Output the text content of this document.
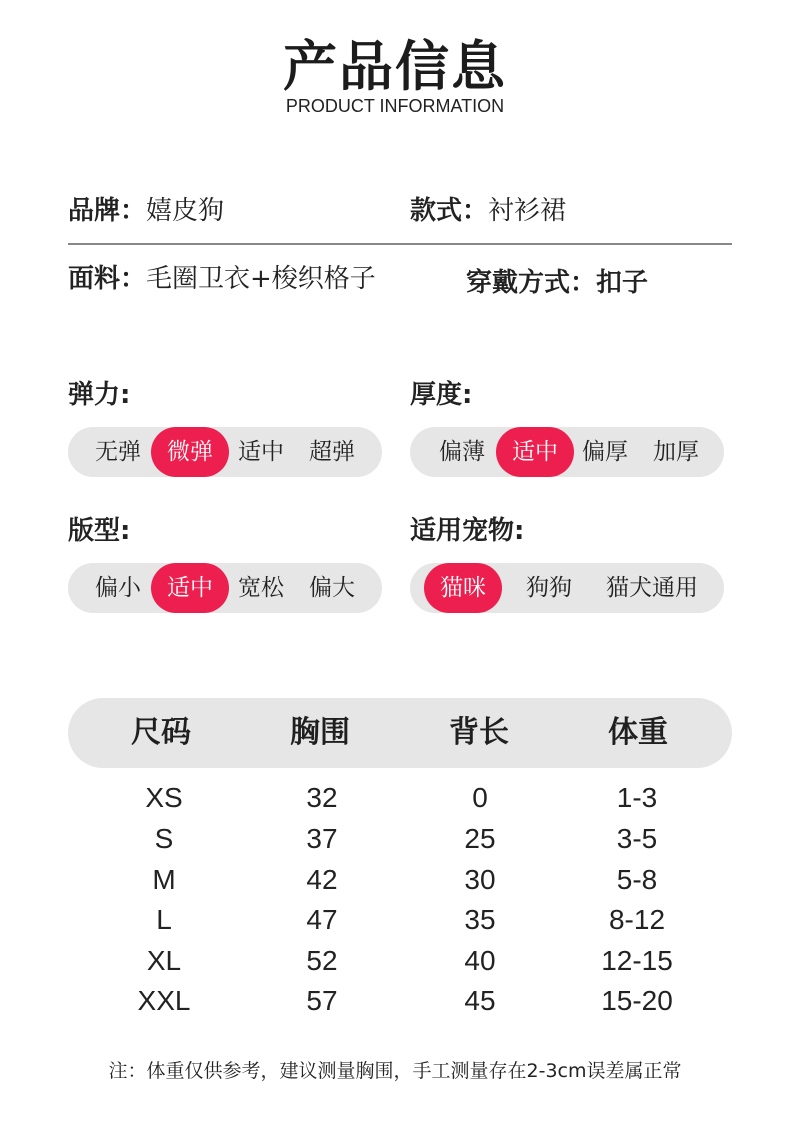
产品信息
PRODUCT INFORMATION
品牌：嬉皮狗	款式：衬衫裙
面料：毛圈卫衣+梭织格子	穿戴方式：扣子
弹力:
无弹	微弹	适中	超弹
厚度:
偏薄	适中	偏厚	加厚
版型:
偏小	适中	宽松	偏大
适用宠物:
猫咪	狗狗	猫犬通用
尺码	胸围	背长	体重
XS	32	0	1-3
S	37	25	3-5
M	42	30	5-8
L	47	35	8-12
XL	52	40	12-15
XXL	57	45	15-20
注：体重仅供参考，建议测量胸围，手工测量存在2-3cm误差属正常
